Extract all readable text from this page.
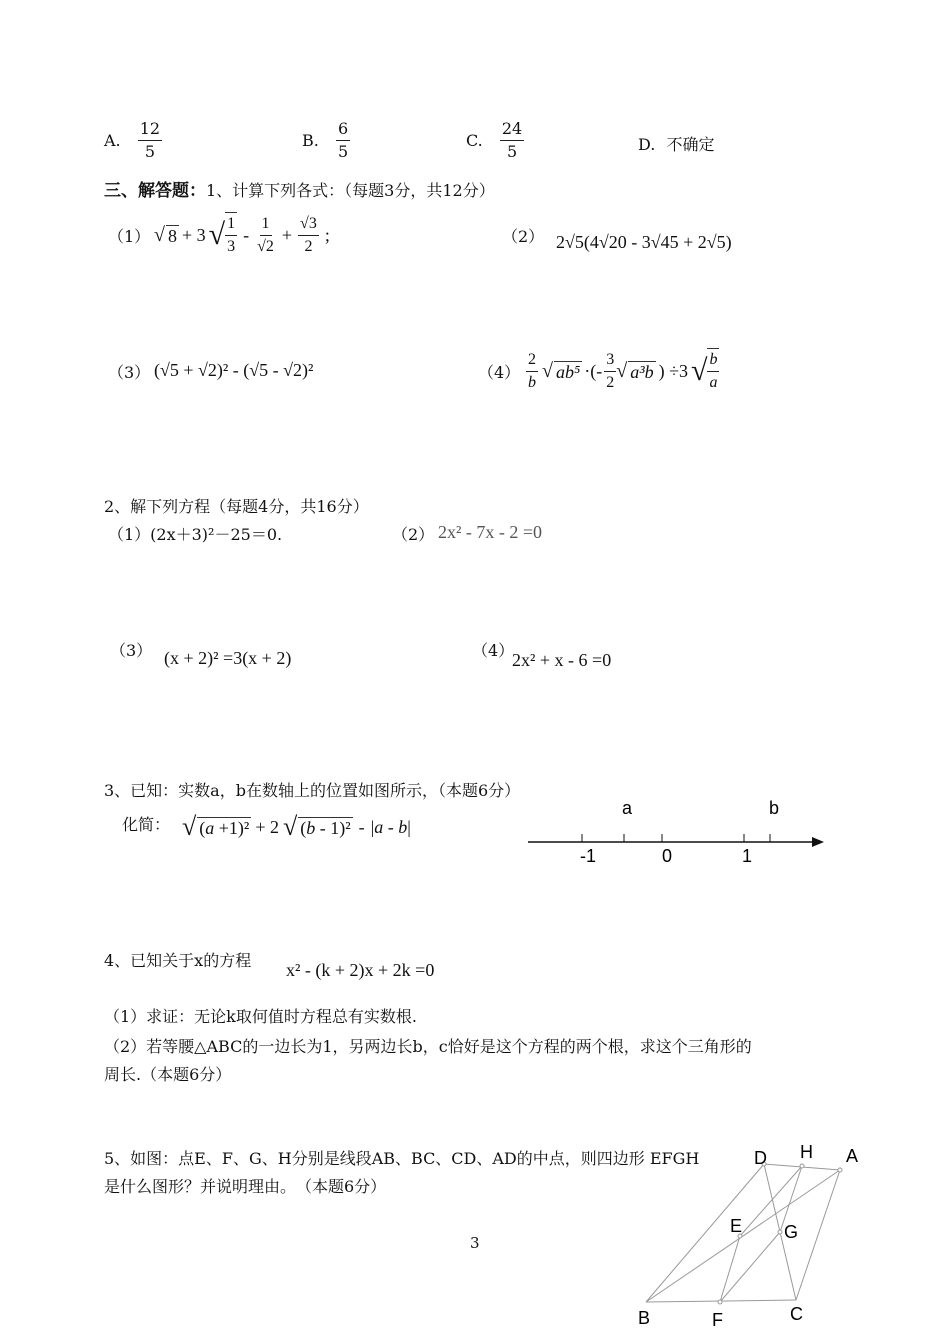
A. $\frac{12}{5}$	B. $\frac{6}{5}$	C. $\frac{24}{5}$	D. 不确定
三、解答题：1、计算下列各式：（每题3分，共12分）
（1） √ 8 + 3 √ $\frac{1}{3} - \frac{1}{√2} + \frac{√3}{2}$ ;	（2） 2√5(4√20 - 3√45 + 2√5)
（3） (√5 + √2)² - (√5 - √2)²	$(4) \frac{2}{b}$ √ ab⁵ ·(- $\frac{3}{2}$ √ a³b ) ÷3 √ $\frac{b}{a}$
2、解下列方程（每题4分，共16分）
（1）(2x＋3)²－25＝0.	（2） 2x² - 7x - 2 =0
（3） (x + 2)² =3(x + 2)	（4）
2x² + x - 6 =0
3、已知：实数a，b在数轴上的位置如图所示，（本题6分）
化简： √ (a +1)² + 2 √ (b - 1)² - |a - b|
a	b
-1	0	1
4、已知关于x的方程 x² - (k + 2)x + 2k =0
（1）求证：无论k取何值时方程总有实数根.
（2）若等腰△ABC的一边长为1，另两边长b，c恰好是这个方程的两个根，求这个三角形的
周长.（本题6分）
5、如图：点E、F、G、H分别是线段AB、BC、CD、AD的中点，则四边形 EFGH
是什么图形？并说明理由。　（本题6分）
3
A
D H
E G
B	F	C
